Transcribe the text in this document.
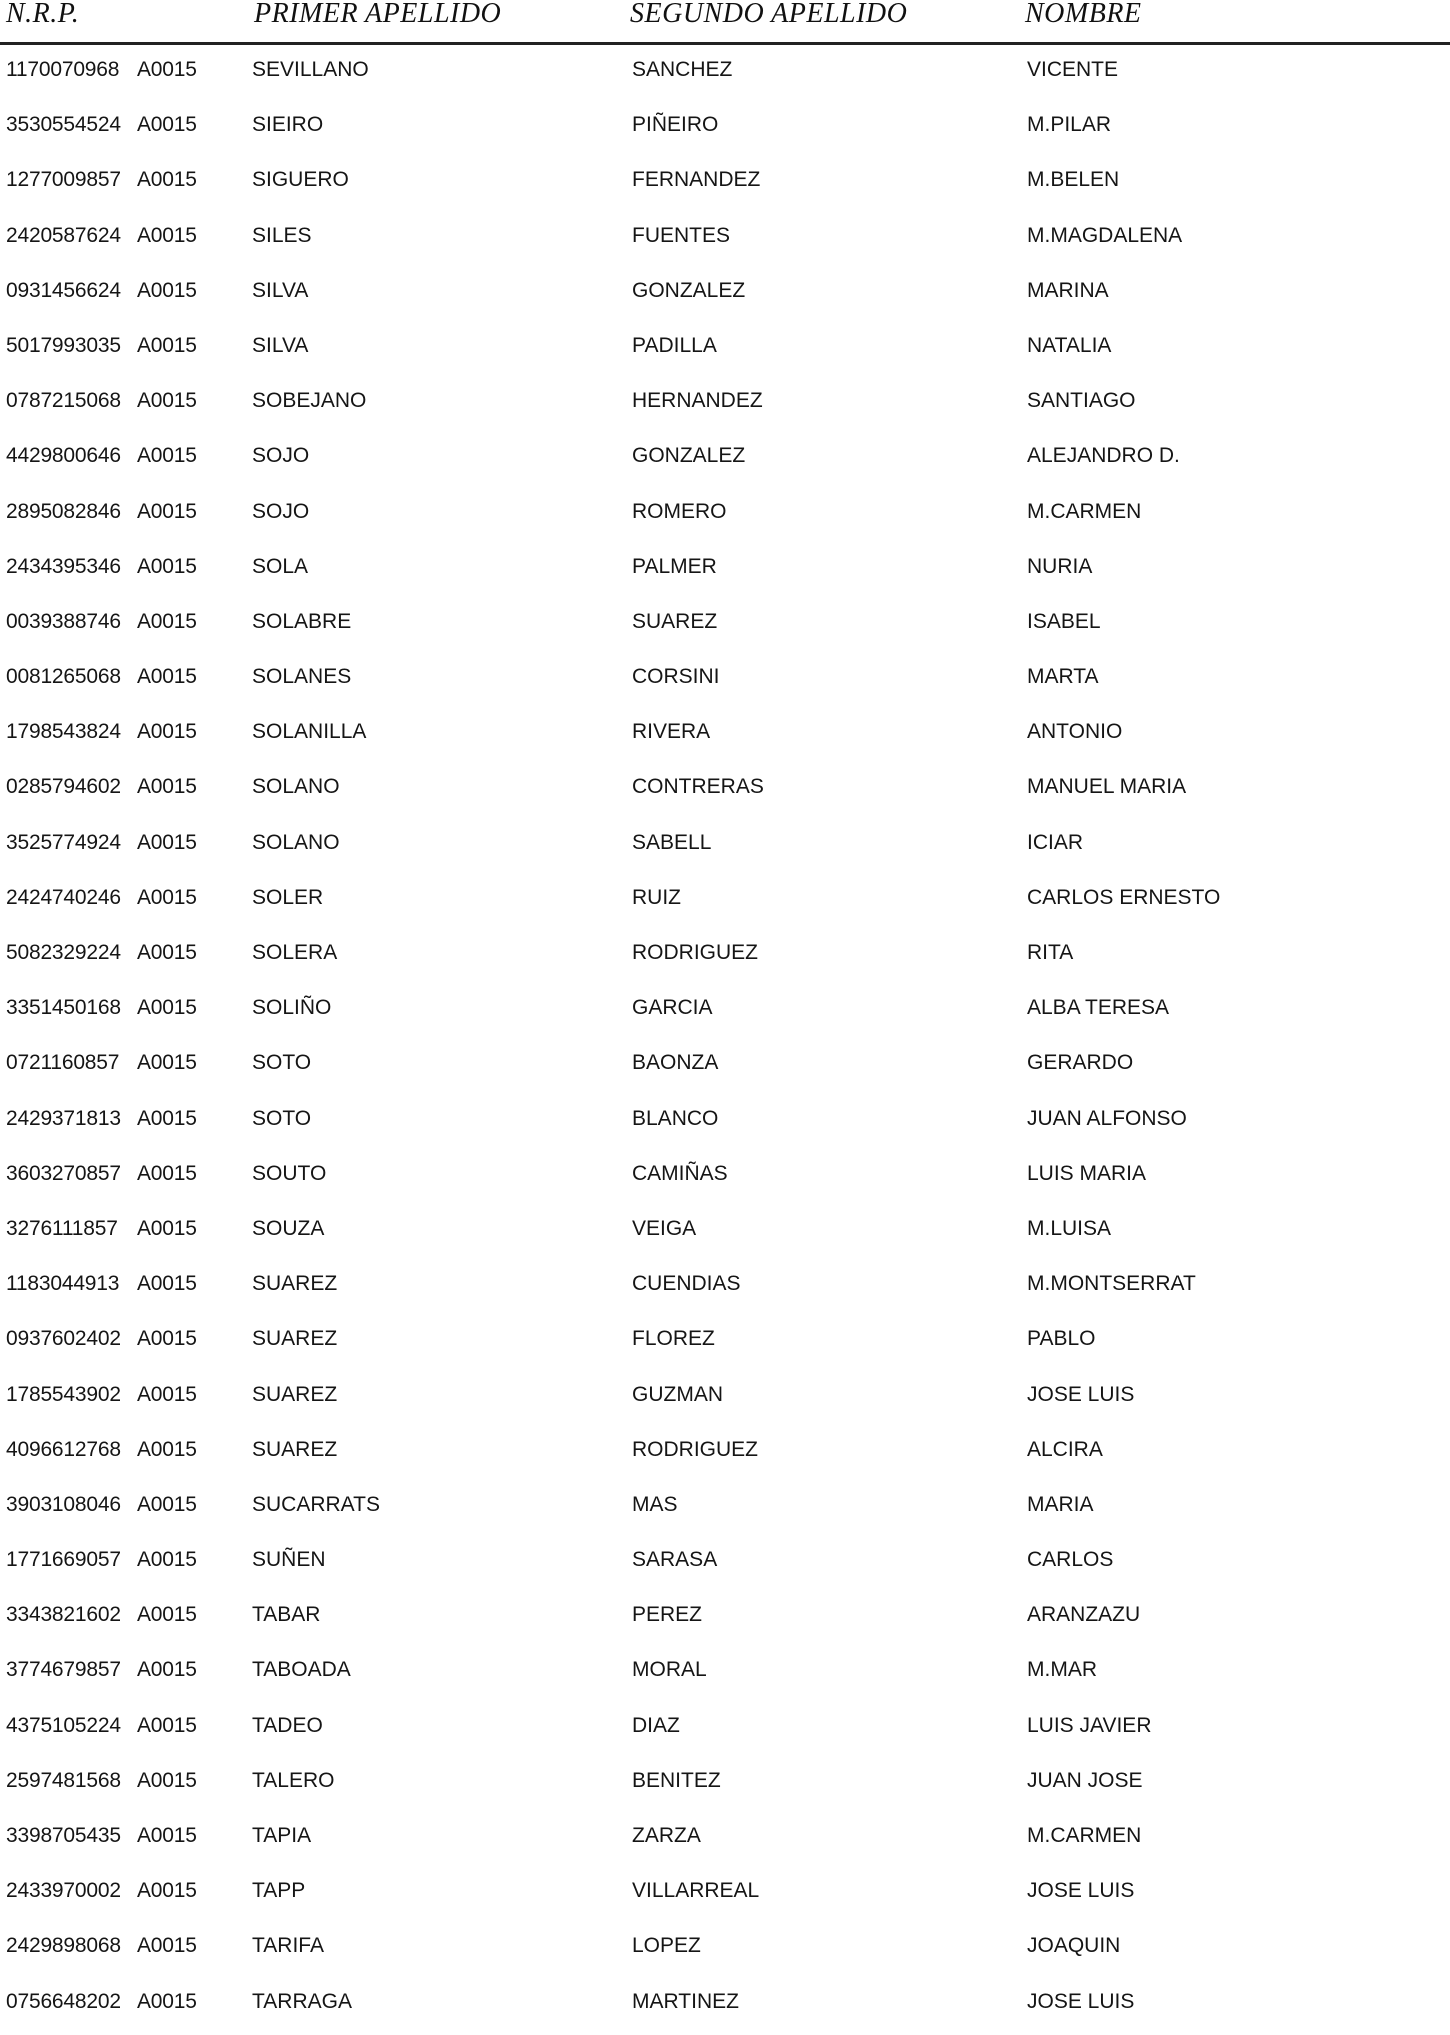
N.R.P.	PRIMER APELLIDO	SEGUNDO APELLIDO	NOMBRE
1170070968 A0015	SEVILLANO	SANCHEZ	VICENTE
3530554524 A0015	SIEIRO	PIÑEIRO	M.PILAR
1277009857 A0015	SIGUERO	FERNANDEZ	M.BELEN
2420587624 A0015	SILES	FUENTES	M.MAGDALENA
0931456624 A0015	SILVA	GONZALEZ	MARINA
5017993035 A0015	SILVA	PADILLA	NATALIA
0787215068 A0015	SOBEJANO	HERNANDEZ	SANTIAGO
4429800646 A0015	SOJO	GONZALEZ	ALEJANDRO D.
2895082846 A0015	SOJO	ROMERO	M.CARMEN
2434395346 A0015	SOLA	PALMER	NURIA
0039388746 A0015	SOLABRE	SUAREZ	ISABEL
0081265068 A0015	SOLANES	CORSINI	MARTA
1798543824 A0015	SOLANILLA	RIVERA	ANTONIO
0285794602 A0015	SOLANO	CONTRERAS	MANUEL MARIA
3525774924 A0015	SOLANO	SABELL	ICIAR
2424740246 A0015	SOLER	RUIZ	CARLOS ERNESTO
5082329224 A0015	SOLERA	RODRIGUEZ	RITA
3351450168 A0015	SOLIÑO	GARCIA	ALBA TERESA
0721160857 A0015	SOTO	BAONZA	GERARDO
2429371813 A0015	SOTO	BLANCO	JUAN ALFONSO
3603270857 A0015	SOUTO	CAMIÑAS	LUIS MARIA
3276111857 A0015	SOUZA	VEIGA	M.LUISA
1183044913 A0015	SUAREZ	CUENDIAS	M.MONTSERRAT
0937602402 A0015	SUAREZ	FLOREZ	PABLO
1785543902 A0015	SUAREZ	GUZMAN	JOSE LUIS
4096612768 A0015	SUAREZ	RODRIGUEZ	ALCIRA
3903108046 A0015	SUCARRATS	MAS	MARIA
1771669057 A0015	SUÑEN	SARASA	CARLOS
3343821602 A0015	TABAR	PEREZ	ARANZAZU
3774679857 A0015	TABOADA	MORAL	M.MAR
4375105224 A0015	TADEO	DIAZ	LUIS JAVIER
2597481568 A0015	TALERO	BENITEZ	JUAN JOSE
3398705435 A0015	TAPIA	ZARZA	M.CARMEN
2433970002 A0015	TAPP	VILLARREAL	JOSE LUIS
2429898068 A0015	TARIFA	LOPEZ	JOAQUIN
0756648202 A0015	TARRAGA	MARTINEZ	JOSE LUIS
